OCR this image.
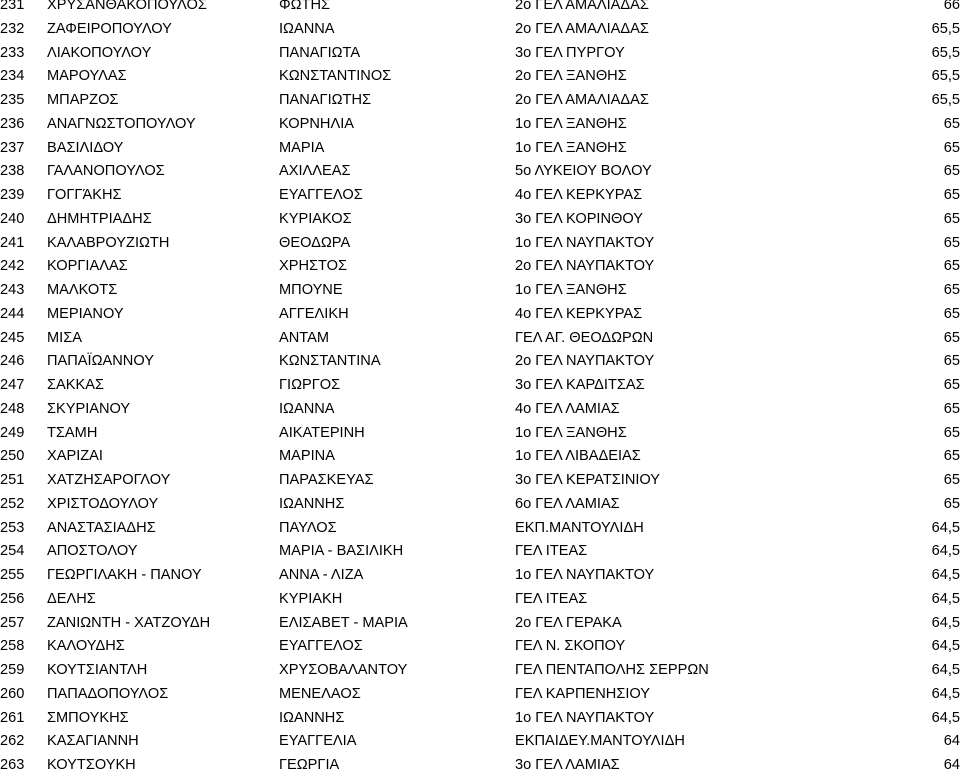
231	ΧΡΥΣΑΝΘΑΚΟΠΟΥΛΟΣ	ΦΩΤΗΣ	2ο ΓΕΛ ΑΜΑΛΙΑΔΑΣ	66
232	ΖΑΦΕΙΡΟΠΟΥΛΟΥ	ΙΩΑΝΝΑ	2ο ΓΕΛ ΑΜΑΛΙΑΔΑΣ	65,5
233	ΛΙΑΚΟΠΟΥΛΟΥ	ΠΑΝΑΓΙΩΤΑ	3ο ΓΕΛ ΠΥΡΓΟΥ	65,5
234	ΜΑΡΟΥΛΑΣ	ΚΩΝΣΤΑΝΤΙΝΟΣ	2ο ΓΕΛ ΞΑΝΘΗΣ	65,5
235	ΜΠΑΡΖΟΣ	ΠΑΝΑΓΙΩΤΗΣ	2ο ΓΕΛ ΑΜΑΛΙΑΔΑΣ	65,5
236	ΑΝΑΓΝΩΣΤΟΠΟΥΛΟΥ	ΚΟΡΝΗΛΙΑ	1ο ΓΕΛ ΞΑΝΘΗΣ	65
237	ΒΑΣΙΛΙΔΟΥ	ΜΑΡΙΑ	1ο ΓΕΛ ΞΑΝΘΗΣ	65
238	ΓΑΛΑΝΟΠΟΥΛΟΣ	ΑΧΙΛΛΕΑΣ	5ο ΛΥΚΕΙΟΥ ΒΟΛΟΥ	65
239	ΓΟΓΓΆΚΗΣ	ΕΥΑΓΓΕΛΟΣ	4ο ΓΕΛ ΚΕΡΚΥΡΑΣ	65
240	ΔΗΜΗΤΡΙΑΔΗΣ	ΚΥΡΙΑΚΟΣ	3ο ΓΕΛ ΚΟΡΙΝΘΟΥ	65
241	ΚΑΛΑΒΡΟΥΖΙΩΤΗ	ΘΕΟΔΩΡΑ	1ο ΓΕΛ ΝΑΥΠΑΚΤΟΥ	65
242	ΚΟΡΓΙΑΛΑΣ	ΧΡΗΣΤΟΣ	2ο ΓΕΛ ΝΑΥΠΑΚΤΟΥ	65
243	ΜΑΛΚΟΤΣ	ΜΠΟΥΝΕ	1ο ΓΕΛ ΞΑΝΘΗΣ	65
244	ΜΕΡΙΑΝΟΥ	ΑΓΓΕΛΙΚΗ	4ο ΓΕΛ ΚΕΡΚΥΡΑΣ	65
245	ΜΙΣΑ	ΑΝΤΑΜ	ΓΕΛ ΑΓ. ΘΕΟΔΩΡΩΝ	65
246	ΠΑΠΑΪΩΑΝΝΟΥ	ΚΩΝΣΤΑΝΤΙΝΑ	2ο ΓΕΛ ΝΑΥΠΑΚΤΟΥ	65
247	ΣΑΚΚΑΣ	ΓΙΩΡΓΟΣ	3ο ΓΕΛ ΚΑΡΔΙΤΣΑΣ	65
248	ΣΚΥΡΙΑΝΟΥ	ΙΩΑΝΝΑ	4ο ΓΕΛ ΛΑΜΙΑΣ	65
249	ΤΣΑΜΗ	ΑΙΚΑΤΕΡΙΝΗ	1ο ΓΕΛ ΞΑΝΘΗΣ	65
250	ΧΑΡΙΖΑΙ	ΜΑΡΙΝΑ	1ο ΓΕΛ ΛΙΒΑΔΕΙΑΣ	65
251	ΧΑΤΖΗΣΑΡΟΓΛΟΥ	ΠΑΡΑΣΚΕΥΑΣ	3ο ΓΕΛ ΚΕΡΑΤΣΙΝΙΟΥ	65
252	ΧΡΙΣΤΟΔΟΥΛΟΥ	ΙΩΑΝΝΗΣ	6ο ΓΕΛ ΛΑΜΙΑΣ	65
253	ΑΝΑΣΤΑΣΙΑΔΗΣ	ΠΑΥΛΟΣ	ΕΚΠ.ΜΑΝΤΟΥΛΙΔΗ	64,5
254	ΑΠΟΣΤΟΛΟΥ	ΜΑΡΙΑ - ΒΑΣΙΛΙΚΗ	ΓΕΛ ΙΤΕΑΣ	64,5
255	ΓΕΩΡΓΙΛΑΚΗ - ΠΑΝΟΥ	ΑΝΝΑ - ΛΙΖΑ	1ο ΓΕΛ ΝΑΥΠΑΚΤΟΥ	64,5
256	ΔΕΛΗΣ	ΚΥΡΙΑΚΗ	ΓΕΛ ΙΤΕΑΣ	64,5
257	ΖΑΝΙΩΝΤΗ - ΧΑΤΖΟΥΔΗ	ΕΛΙΣΑΒΕΤ - ΜΑΡΙΑ	2ο ΓΕΛ ΓΕΡΑΚΑ	64,5
258	ΚΑΛΟΥΔΗΣ	ΕΥΑΓΓΕΛΟΣ	ΓΕΛ Ν. ΣΚΟΠΟΥ	64,5
259	ΚΟΥΤΣΙΑΝΤΛΗ	ΧΡΥΣΟΒΑΛΑΝΤΟΥ	ΓΕΛ ΠΕΝΤΑΠΟΛΗΣ ΣΕΡΡΩΝ	64,5
260	ΠΑΠΑΔΟΠΟΥΛΟΣ	ΜΕΝΕΛΑΟΣ	ΓΕΛ ΚΑΡΠΕΝΗΣΙΟΥ	64,5
261	ΣΜΠΟΥΚΗΣ	ΙΩΑΝΝΗΣ	1ο ΓΕΛ ΝΑΥΠΑΚΤΟΥ	64,5
262	ΚΑΣΑΓΙΑΝΝΗ	ΕΥΑΓΓΕΛΙΑ	ΕΚΠΑΙΔΕΥ.ΜΑΝΤΟΥΛΙΔΗ	64
263	ΚΟΥΤΣΟΥΚΗ	ΓΕΩΡΓΙΑ	3ο ΓΕΛ ΛΑΜΙΑΣ	64
